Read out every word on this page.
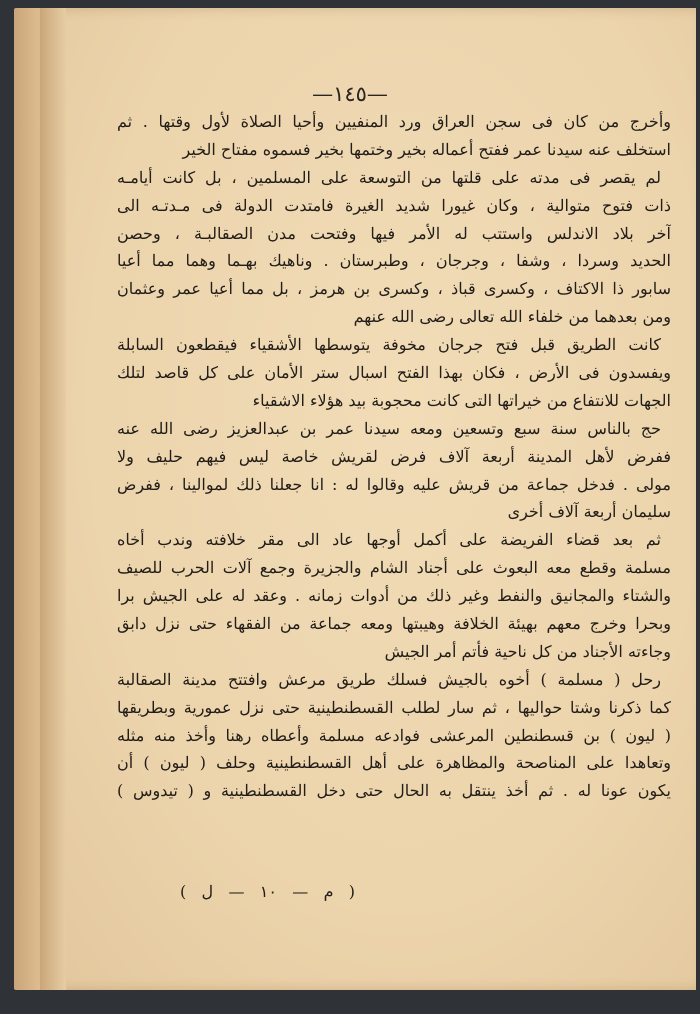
—١٤٥—
وأخرج من كان فى سجن العراق ورد المنفيين وأحيا الصلاة لأول وقتها . ثم
استخلف عنه سيدنا عمر ففتح أعماله بخير وختمها بخير فسموه مفتاح الخير
لم يقصر فى مدته على قلتها من التوسعة على المسلمين ، بل كانت أيامـه
ذات فتوح متوالية ، وكان غيورا شديد الغيرة فامتدت الدولة فى مـدتـه الى
آخر بلاد الاندلس واستتب له الأمر فيها وفتحت مدن الصقالبـة ، وحصن
الحديد وسردا ، وشفا ، وجرجان ، وطبرستان . وناهيك بهـما وهما مما أعيا
سابور ذا الاكتاف ، وكسرى قباذ ، وكسرى بن هرمز ، بل مما أعيا عمر وعثمان
ومن بعدهما من خلفاء الله تعالى رضى الله عنهم
كانت الطريق قبل فتح جرجان مخوفة يتوسطها الأشقياء فيقطعون السابلة
ويفسدون فى الأرض ، فكان بهذا الفتح اسبال ستر الأمان على كل قاصد لتلك
الجهات للانتفاع من خيراتها التى كانت محجوبة بيد هؤلاء الاشقياء
حج بالناس سنة سبع وتسعين ومعه سيدنا عمر بن عبدالعزيز رضى الله عنه
ففرض لأهل المدينة أربعة آلاف فرض لقريش خاصة ليس فيهم حليف ولا
مولى . فدخل جماعة من قريش عليه وقالوا له : انا جعلنا ذلك لموالينا ، ففرض
سليمان أربعة آلاف أخرى
ثم بعد قضاء الفريضة على أكمل أوجها عاد الى مقر خلافته وندب أخاه
مسلمة وقطع معه البعوث على أجناد الشام والجزيرة وجمع آلات الحرب للصيف
والشتاء والمجانيق والنفط وغير ذلك من أدوات زمانه . وعقد له على الجيش برا
وبحرا وخرج معهم بهيئة الخلافة وهيبتها ومعه جماعة من الفقهاء حتى نزل دابق
وجاءته الأجناد من كل ناحية فأتم أمر الجيش
رحل ( مسلمة ) أخوه بالجيش فسلك طريق مرعش وافتتح مدينة الصقالبة
كما ذكرنا وشتا حواليها ، ثم سار لطلب القسطنطينية حتى نزل عمورية وبطريقها
( ليون ) بن قسطنطين المرعشى فوادعه مسلمة وأعطاه رهنا وأخذ منه مثله
وتعاهدا على المناصحة والمظاهرة على أهل القسطنطينية وحلف ( ليون ) أن
يكون عونا له . ثم أخذ ينتقل به الحال حتى دخل القسطنطينية و ( تيدوس )
( م — ١٠ — ل )
